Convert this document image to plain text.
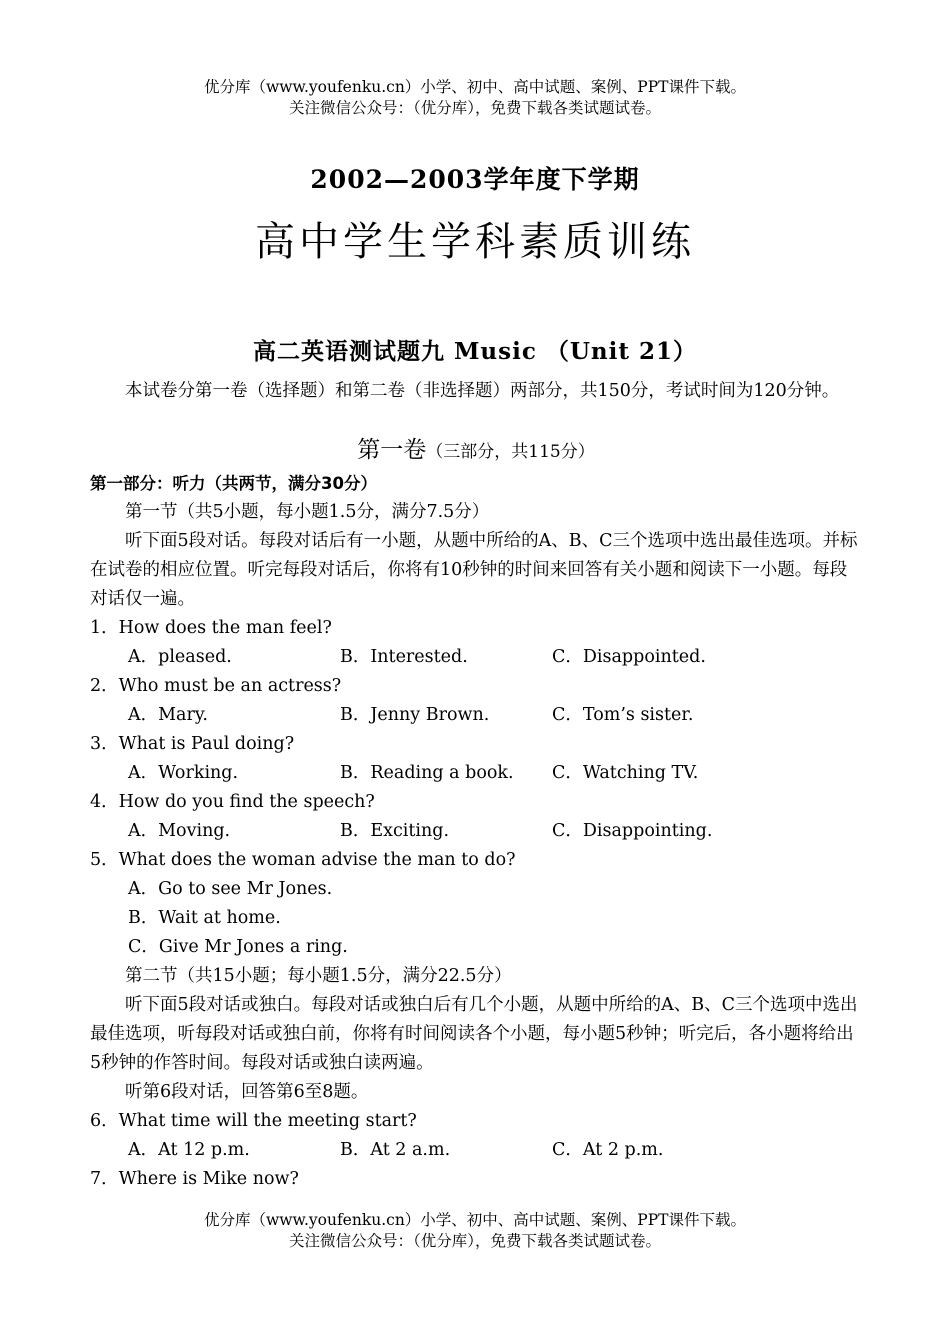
优分库（www.youfenku.cn）小学、初中、高中试题、案例、PPT课件下载。
关注微信公众号：（优分库），免费下载各类试题试卷。
2002—2003学年度下学期
高中学生学科素质训练
高二英语测试题九 Music （Unit 21）

本试卷分第一卷（选择题）和第二卷（非选择题）两部分，共150分，考试时间为120分钟。

第一卷（三部分，共115分）

第一部分：听力（共两节，满分30分）

第一节（共5小题，每小题1.5分，满分7.5分）

听下面5段对话。每段对话后有一小题，从题中所给的A、B、C三个选项中选出最佳选项。并标在试卷的相应位置。听完每段对话后，你将有10秒钟的时间来回答有关小题和阅读下一小题。每段对话仅一遍。

1．How does the man feel?

A．pleased.	B．Interested.	C．Disappointed.

2．Who must be an actress?

A．Mary.	B．Jenny Brown.	C．Tom’s sister.

3．What is Paul doing?

A．Working.	B．Reading a book.	C．Watching TV.

4．How do you find the speech?

A．Moving.	B．Exciting.	C．Disappointing.

5．What does the woman advise the man to do?

A．Go to see Mr Jones.
B．Wait at home.
C．Give Mr Jones a ring.

第二节（共15小题；每小题1.5分，满分22.5分）

听下面5段对话或独白。每段对话或独白后有几个小题，从题中所给的A、B、C三个选项中选出最佳选项，听每段对话或独白前，你将有时间阅读各个小题，每小题5秒钟；听完后，各小题将给出5秒钟的作答时间。每段对话或独白读两遍。

听第6段对话，回答第6至8题。

6．What time will the meeting start?

A．At 12 p.m.	B．At 2 a.m.	C．At 2 p.m.

7．Where is Mike now?

优分库（www.youfenku.cn）小学、初中、高中试题、案例、PPT课件下载。
关注微信公众号：（优分库），免费下载各类试题试卷。
